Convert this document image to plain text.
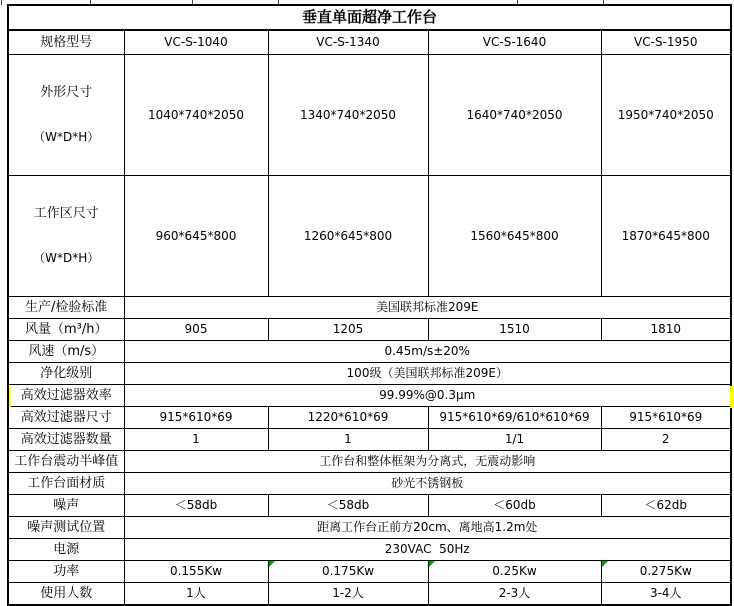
垂直单面超净工作台				
规格型号	VC-S-1040	VC-S-1340	VC-S-1640	VC-S-1950

外形尺寸

（W*D*H）	1040*740*2050	1340*740*2050	1640*740*2050	1950*740*2050

工作区尺寸

（W*D*H）	960*645*800	1260*645*800	1560*645*800	1870*645*800
生产/检验标准	美国联邦标准209E			
风量（m³/h）	905	1205	1510	1810
风速（m/s）	0.45m/s±20%			
净化级别	100级（美国联邦标准209E）			
高效过滤器效率	99.99%@0.3μm			
高效过滤器尺寸	915*610*69	1220*610*69	915*610*69/610*610*69	915*610*69
高效过滤器数量	1	1	1/1	2
工作台震动半峰值	工作台和整体框架为分离式，无震动影响			
工作台面材质	砂光不锈钢板			
噪声	＜58db	＜58db	＜60db	＜62db
噪声测试位置	距离工作台正前方20cm、离地高1.2m处			
电源	230VAC  50Hz			
功率	0.155Kw	0.175Kw	0.25Kw	0.275Kw
使用人数	1人	1-2人	2-3人	3-4人
